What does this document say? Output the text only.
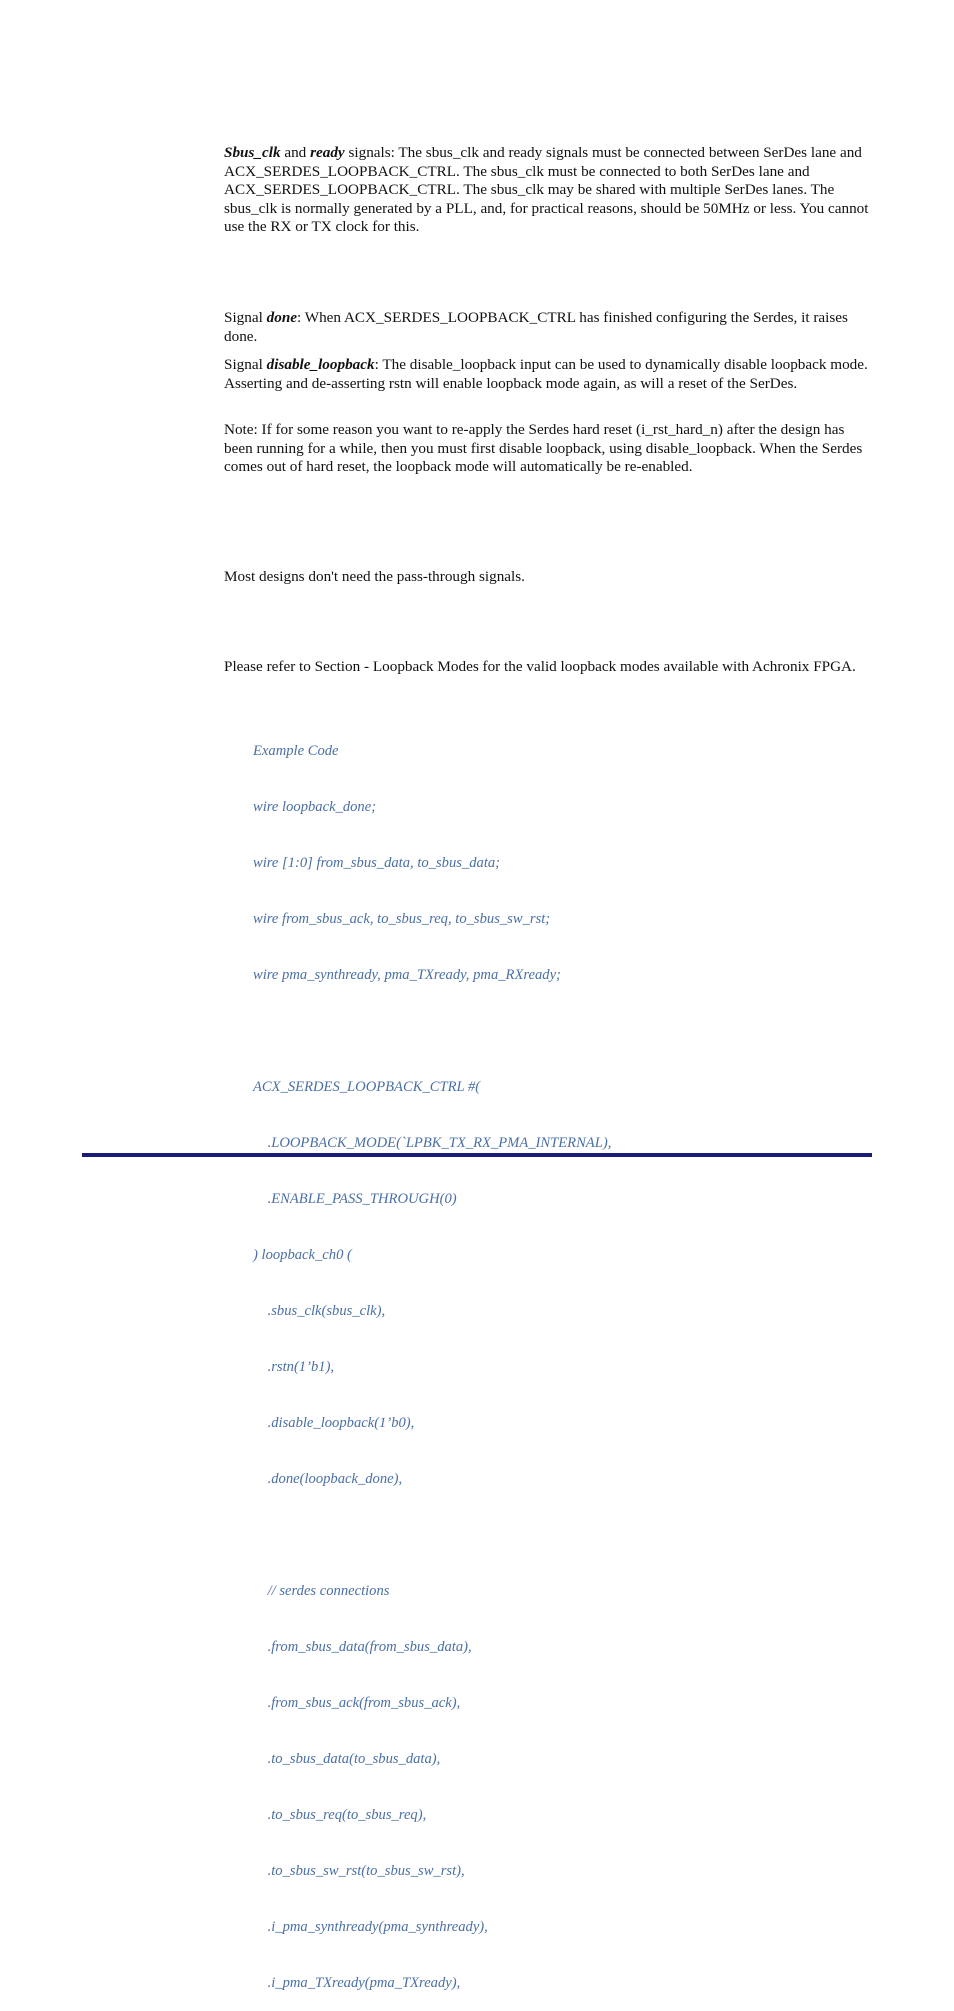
Sbus_clk and ready signals: The sbus_clk and ready signals must be connected between SerDes lane and ACX_SERDES_LOOPBACK_CTRL. The sbus_clk must be connected to both SerDes lane and ACX_SERDES_LOOPBACK_CTRL. The sbus_clk may be shared with multiple SerDes lanes. The sbus_clk is normally generated by a PLL, and, for practical reasons, should be 50MHz or less. You cannot use the RX or TX clock for this.

Signal done: When ACX_SERDES_LOOPBACK_CTRL has finished configuring the Serdes, it raises done.

Signal disable_loopback: The disable_loopback input can be used to dynamically disable loopback mode. Asserting and de-asserting rstn will enable loopback mode again, as will a reset of the SerDes.

Note: If for some reason you want to re-apply the Serdes hard reset (i_rst_hard_n) after the design has been running for a while, then you must first disable loopback, using disable_loopback. When the Serdes comes out of hard reset, the loopback mode will automatically be re-enabled.

Most designs don't need the pass-through signals.

Please refer to Section - Loopback Modes for the valid loopback modes available with Achronix FPGA.

Example Code

wire loopback_done;

wire [1:0] from_sbus_data, to_sbus_data;

wire from_sbus_ack, to_sbus_req, to_sbus_sw_rst;

wire pma_synthready, pma_TXready, pma_RXready;

ACX_SERDES_LOOPBACK_CTRL #(

.LOOPBACK_MODE(`LPBK_TX_RX_PMA_INTERNAL),

.ENABLE_PASS_THROUGH(0)

) loopback_ch0 (

.sbus_clk(sbus_clk),

.rstn(1’b1),

.disable_loopback(1’b0),

.done(loopback_done),

// serdes connections

.from_sbus_data(from_sbus_data),

.from_sbus_ack(from_sbus_ack),

.to_sbus_data(to_sbus_data),

.to_sbus_req(to_sbus_req),

.to_sbus_sw_rst(to_sbus_sw_rst),

.i_pma_synthready(pma_synthready),

.i_pma_TXready(pma_TXready),
